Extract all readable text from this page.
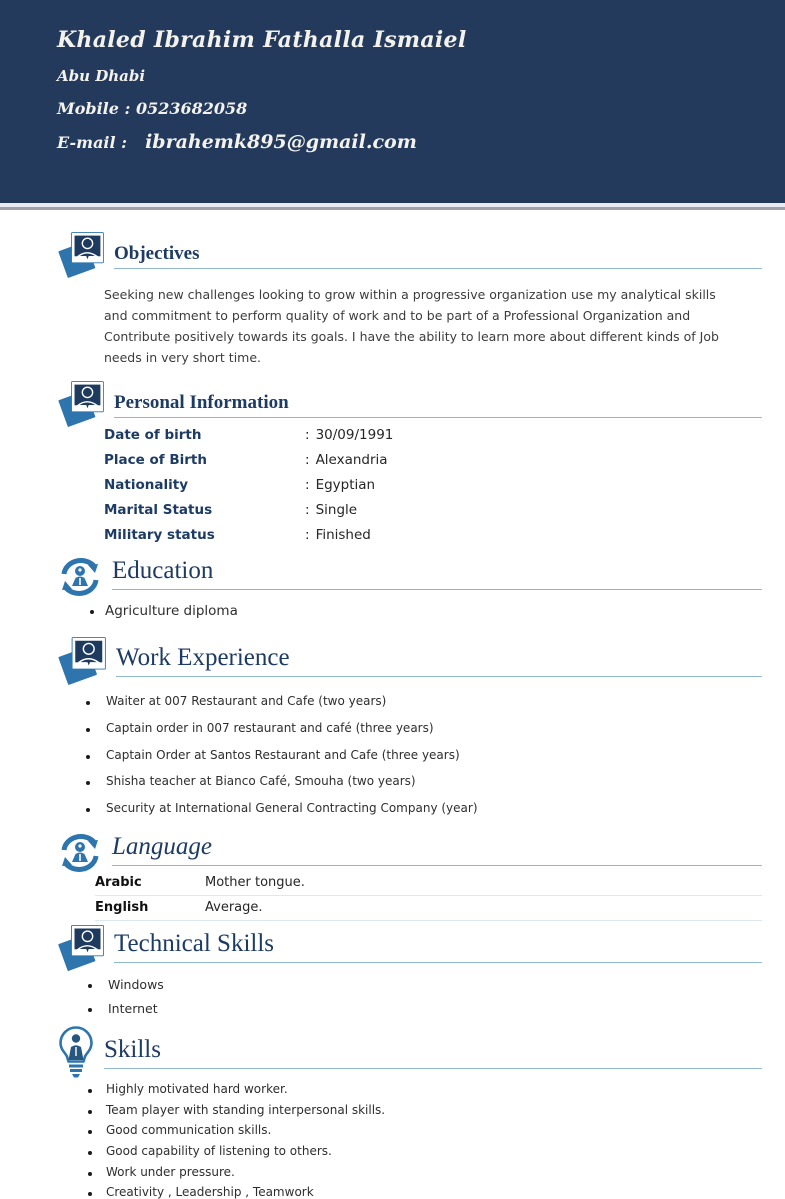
Khaled Ibrahim Fathalla Ismaiel
Abu Dhabi
Mobile : 0523682058
E-mail : ibrahemk895@gmail.com
Objectives

Seeking new challenges looking to grow within a progressive organization use my analytical skills and commitment to perform quality of work and to be part of a Professional Organization and Contribute positively towards its goals. I have the ability to learn more about different kinds of Job needs in very short time.

Personal Information
Date of birth	: 30/09/1991
Place of Birth	: Alexandria
Nationality	: Egyptian
Marital Status	: Single
Military status	: Finished
Education
Agriculture diploma
Work Experience
Waiter at 007 Restaurant and Cafe (two years)
Captain order in 007 restaurant and café (three years)
Captain Order at Santos Restaurant and Cafe (three years)
Shisha teacher at Bianco Café, Smouha (two years)
Security at International General Contracting Company (year)
Language
Arabic	Mother tongue.
English	Average.
Technical Skills
Windows
Internet
Skills
Highly motivated hard worker.
Team player with standing interpersonal skills.
Good communication skills.
Good capability of listening to others.
Work under pressure.
Creativity , Leadership , Teamwork
